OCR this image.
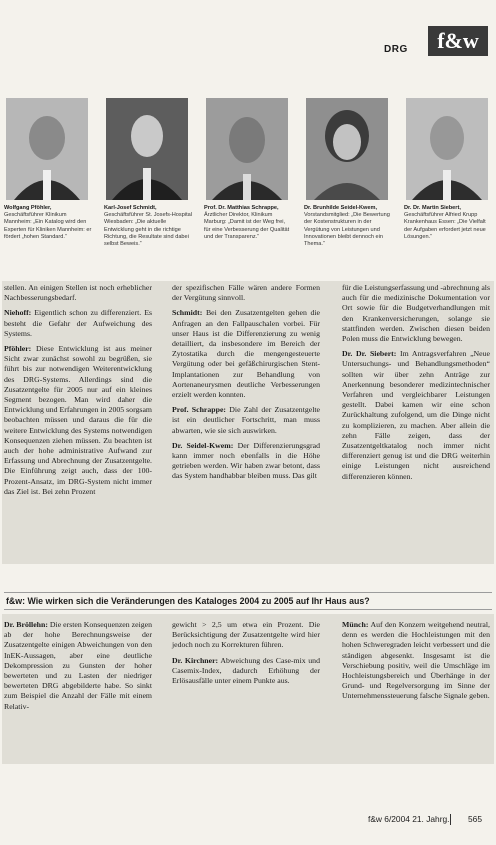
DRG	f&w
Wolfgang Pföhler, Geschäftsführer Klinikum Mannheim: „Ein Katalog wird den Experten für Kliniken Mannheim: er fördert „hohen Standard.“
Karl-Josef Schmidt, Geschäftsführer St. Josefs-Hospital Wiesbaden: „Die aktuelle Entwicklung geht in die richtige Richtung, die Resultate sind dabei selbst Beweis.“
Prof. Dr. Matthias Schrappe, Ärztlicher Direktor, Klinikum Marburg: „Damit ist der Weg frei, für eine Verbesserung der Qualität und der Transparenz.“
Dr. Brunhilde Seidel-Kwem, Vorstandsmitglied: „Die Bewertung der Kostenstrukturen in der Vergütung von Leistungen und Innovationen bleibt dennoch ein Thema.“
Dr. Dr. Martin Siebert, Geschäftsführer Alfried Krupp Krankenhaus Essen: „Die Vielfalt der Aufgaben erfordert jetzt neue Lösungen.“

stellen. An einigen Stellen ist noch erheblicher Nachbesserungsbedarf.

Niehoff: Eigentlich schon zu differenziert. Es besteht die Gefahr der Aufweichung des Systems.

Pföhler: Diese Entwicklung ist aus meiner Sicht zwar zunächst sowohl zu begrüßen, sie führt bis zur notwendigen Weiterentwicklung des DRG-Systems. Allerdings sind die Zusatzentgelte für 2005 nur auf ein kleines Segment bezogen. Man wird daher die Entwicklung und Erfahrungen in 2005 sorgsam beobachten müssen und daraus die für die weitere Entwicklung des Systems notwendigen Konsequenzen ziehen müssen. Zu beachten ist auch der hohe administrative Aufwand zur Erfassung und Abrechnung der Zusatzentgelte. Die Einführung zeigt auch, dass der 100-Prozent-Ansatz, im DRG-System nicht immer das Ziel ist. Bei zehn Prozent

der spezifischen Fälle wären andere Formen der Vergütung sinnvoll.

Schmidt: Bei den Zusatzentgelten gehen die Anfragen an den Fallpauschalen vorbei. Für unser Haus ist die Differenzierung zu wenig detailliert, da insbesondere im Bereich der Zytostatika durch die mengengesteuerte Vergütung oder bei gefäßchirurgischen Stent-Implantationen zur Behandlung von Aortenaneurysmen deutliche Verbesserungen erzielt werden konnten.

Prof. Schrappe: Die Zahl der Zusatzentgelte ist ein deutlicher Fortschritt, man muss abwarten, wie sie sich auswirken.

Dr. Seidel-Kwem: Der Differenzierungsgrad kann immer noch ebenfalls in die Höhe getrieben werden. Wir haben zwar betont, dass das System handhabbar bleiben muss. Das gilt

für die Leistungserfassung und -abrechnung als auch für die medizinische Dokumentation vor Ort sowie für die Budgetverhandlungen mit den Krankenversicherungen, solange sie stattfinden werden. Zwischen diesen beiden Polen muss die Entwicklung bewegen.

Dr. Dr. Siebert: Im Antragsverfahren „Neue Untersuchungs- und Behandlungsmethoden“ sollten wir über zehn Anträge zur Anerkennung besonderer medizintechnischer Verfahren und vergleichbarer Leistungen gestellt. Dabei kamen wir eine schon Zurückhaltung zufolgend, um die Dinge nicht zu komplizieren, zu machen. Aber allein die zehn Fälle zeigen, dass der Zusatzentgeltkatalog noch immer nicht differenziert genug ist und die DRG weiterhin einige Leistungen nicht ausreichend differenzieren können.

f&w: Wie wirken sich die Veränderungen des Kataloges 2004 zu 2005 auf Ihr Haus aus?

Dr. Bröllehn: Die ersten Konsequenzen zeigen ab der hohe Berechnungsweise der Zusatzentgelte einigen Abweichungen von den InEK-Aussagen, aber eine deutliche Dekompression zu Gunsten der hoher bewerteten und zu Lasten der niedriger bewerteten DRG abgebilderte habe. So sinkt zum Beispiel die Anzahl der Fälle mit einem Relativ-

gewicht > 2,5 um etwa ein Prozent. Die Berücksichtigung der Zusatzentgelte wird hier jedoch noch zu Korrekturen führen.

Dr. Kirchner: Abweichung des Case-mix und Casemix-Index, dadurch Erhöhung der Erlösausfälle unter einem Punkte aus.

Münch: Auf den Konzern weitgehend neutral, denn es werden die Hochleistungen mit den hohen Schweregraden leicht verbessert und die ständigen abgesenkt. Insgesamt ist die Verschiebung positiv, weil die Umschläge im Hochleistungsbereich und Überhänge in der Grund- und Regelversorgung im Sinne der Unternehmenssteuerung falsche Signale geben.

f&w 6/2004 21. Jahrg. 565
